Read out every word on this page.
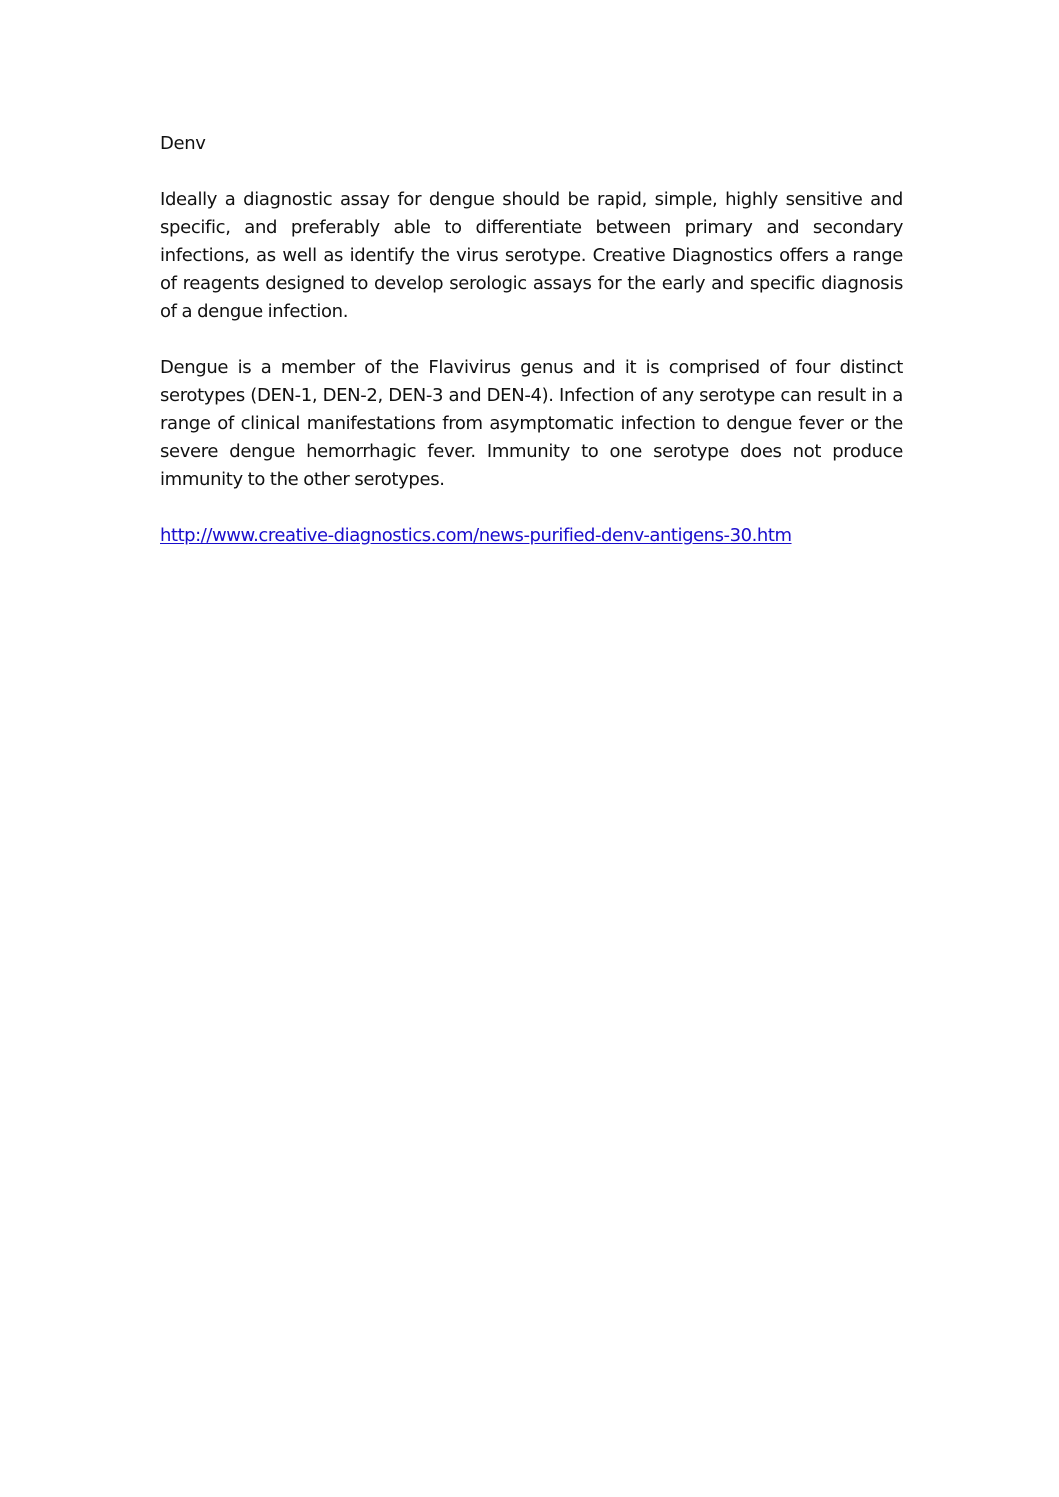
Denv

Ideally a diagnostic assay for dengue should be rapid, simple, highly sensitive and specific, and preferably able to differentiate between primary and secondary infections, as well as identify the virus serotype. Creative Diagnostics offers a range of reagents designed to develop serologic assays for the early and specific diagnosis of a dengue infection.

Dengue is a member of the Flavivirus genus and it is comprised of four distinct serotypes (DEN-1, DEN-2, DEN-3 and DEN-4). Infection of any serotype can result in a range of clinical manifestations from asymptomatic infection to dengue fever or the severe dengue hemorrhagic fever. Immunity to one serotype does not produce immunity to the other serotypes.

http://www.creative-diagnostics.com/news-purified-denv-antigens-30.htm
